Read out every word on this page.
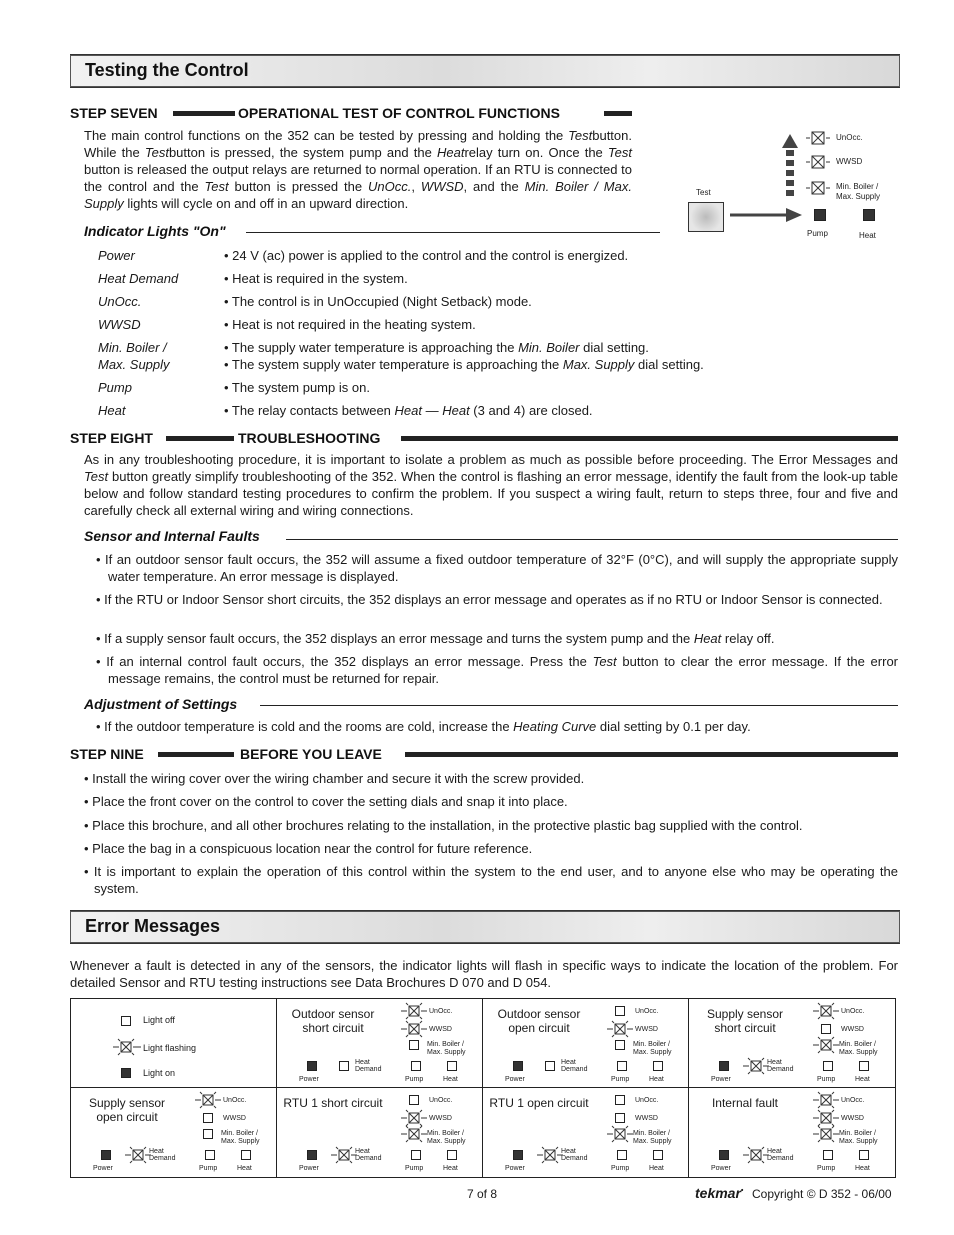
Testing the Control
STEP SEVEN	OPERATIONAL TEST OF CONTROL FUNCTIONS
The main control functions on the 352 can be tested by pressing and holding the Testbutton. While the Testbutton is pressed, the system pump and the Heatrelay turn on. Once the Test button is released the output relays are returned to normal operation. If an RTU is connected to the control and the Test button is pressed the UnOcc., WWSD, and the Min. Boiler / Max. Supply lights will cycle on and off in an upward direction.
Test
UnOcc.
WWSD
Min. Boiler /
Max. Supply
Pump	Heat
Indicator Lights "On"
Power	• 24 V (ac) power is applied to the control and the control is energized.
Heat Demand	• Heat is required in the system.
UnOcc.	• The control is in UnOccupied (Night Setback) mode.
WWSD	• Heat is not required in the heating system.
Min. Boiler /
Max. Supply
• The supply water temperature is approaching the Min. Boiler dial setting.
• The system supply water temperature is approaching the Max. Supply dial setting.
Pump	• The system pump is on.
Heat	• The relay contacts between Heat — Heat (3 and 4) are closed.
STEP EIGHT	TROUBLESHOOTING
As in any troubleshooting procedure, it is important to isolate a problem as much as possible before proceeding. The Error Messages and Test button greatly simplify troubleshooting of the 352. When the control is flashing an error message, identify the fault from the look-up table below and follow standard testing procedures to confirm the problem. If you suspect a wiring fault, return to steps three, four and five and carefully check all external wiring and wiring connections.
Sensor and Internal Faults
• If an outdoor sensor fault occurs, the 352 will assume a fixed outdoor temperature of 32°F (0°C), and will supply the appropriate supply water temperature. An error message is displayed.
• If the RTU or Indoor Sensor short circuits, the 352 displays an error message and operates as if no RTU or Indoor Sensor is connected.
• If a supply sensor fault occurs, the 352 displays an error message and turns the system pump and the Heat relay off.
• If an internal control fault occurs, the 352 displays an error message. Press the Test button to clear the error message. If the error message remains, the control must be returned for repair.
Adjustment of Settings
• If the outdoor temperature is cold and the rooms are cold, increase the Heating Curve dial setting by 0.1 per day.
STEP NINE	BEFORE YOU LEAVE
• Install the wiring cover over the wiring chamber and secure it with the screw provided.
• Place the front cover on the control to cover the setting dials and snap it into place.
• Place this brochure, and all other brochures relating to the installation, in the protective plastic bag supplied with the control.
• Place the bag in a conspicuous location near the control for future reference.
• It is important to explain the operation of this control within the system to the end user, and to anyone else who may be operating the system.
Error Messages
Whenever a fault is detected in any of the sensors, the indicator lights will flash in specific ways to indicate the location of the problem. For detailed Sensor and RTU testing instructions see Data Brochures D 070 and D 054.
Light off
Light flashing
Light on
Outdoor sensor short circuit
UnOcc.
WWSD
Min. Boiler /
Max. Supply
Heat
Demand
Power	Pump	Heat
Outdoor sensor open circuit
UnOcc.
WWSD
Min. Boiler /
Max. Supply
Heat
Demand
Power	Pump	Heat
Supply sensor short circuit
UnOcc.
WWSD
Min. Boiler /
Max. Supply
Heat
Demand
Power	Pump	Heat
Supply sensor open circuit
UnOcc.
WWSD
Min. Boiler /
Max. Supply
Heat
Demand
Power	Pump	Heat
RTU 1 short circuit	UnOcc.
WWSD
Min. Boiler /
Max. Supply
Heat
Demand
Power	Pump	Heat
RTU 1 open circuit	UnOcc.
WWSD
Min. Boiler /
Max. Supply
Heat
Demand
Power	Pump	Heat
Internal fault	UnOcc.
WWSD
Min. Boiler /
Max. Supply
Heat
Demand
Power	Pump	Heat
7 of 8	tekmar• Copyright © D 352 - 06/00
